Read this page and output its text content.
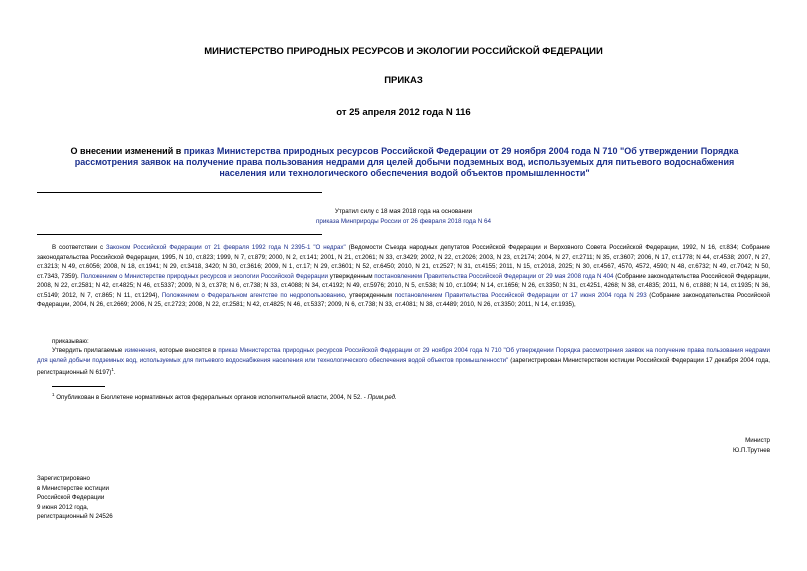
МИНИСТЕРСТВО ПРИРОДНЫХ РЕСУРСОВ И ЭКОЛОГИИ РОССИЙСКОЙ ФЕДЕРАЦИИ
ПРИКАЗ
от 25 апреля 2012 года N 116
О внесении изменений в приказ Министерства природных ресурсов Российской Федерации от 29 ноября 2004 года N 710 "Об утверждении Порядка рассмотрения заявок на получение права пользования недрами для целей добычи подземных вод, используемых для питьевого водоснабжения населения или технологического обеспечения водой объектов промышленности"
Утратил силу с 18 мая 2018 года на основании
приказа Минприроды России от 26 февраля 2018 года N 64

В соответствии с Законом Российской Федерации от 21 февраля 1992 года N 2395-1 "О недрах" (Ведомости Съезда народных депутатов Российской Федерации и Верховного Совета Российской Федерации, 1992, N 16, ст.834; Собрание законодательства Российской Федерации, 1995, N 10, ст.823; 1999, N 7, ст.879; 2000, N 2, ст.141; 2001, N 21, ст.2061; N 33, ст.3429; 2002, N 22, ст.2026; 2003, N 23, ст.2174; 2004, N 27, ст.2711; N 35, ст.3607; 2006, N 17, ст.1778; N 44, ст.4538; 2007, N 27, ст.3213; N 49, ст.6056; 2008, N 18, ст.1941; N 29, ст.3418, 3420; N 30, ст.3616; 2009, N 1, ст.17; N 29, ст.3601; N 52, ст.6450; 2010, N 21, ст.2527; N 31, ст.4155; 2011, N 15, ст.2018, 2025; N 30, ст.4567, 4570, 4572, 4590; N 48, ст.6732; N 49, ст.7042; N 50, ст.7343, 7359). Положением о Министерстве природных ресурсов и экологии Российской Федерации утвержденным постановлением Правительства Российской Федерации от 29 мая 2008 года N 404 (Собрание законодательства Российской Федерации, 2008, N 22, ст.2581; N 42, ст.4825; N 46, ст.5337; 2009, N 3, ст.378; N 6, ст.738; N 33, ст.4088; N 34, ст.4192; N 49, ст.5976; 2010, N 5, ст.538; N 10, ст.1094; N 14, ст.1656; N 26, ст.3350; N 31, ст.4251, 4268; N 38, ст.4835; 2011, N 6, ст.888; N 14, ст.1935; N 36, ст.5149; 2012, N 7, ст.865; N 11, ст.1294), Положением о Федеральном агентстве по недропользованию, утвержденным постановлением Правительства Российской Федерации от 17 июня 2004 года N 293 (Собрание законодательства Российской Федерации, 2004, N 26, ст.2669; 2006, N 25, ст.2723; 2008, N 22, ст.2581; N 42, ст.4825; N 46, ст.5337; 2009, N 6, ст.738; N 33, ст.4081; N 38, ст.4489; 2010, N 26, ст.3350; 2011, N 14, ст.1935),

приказываю:

Утвердить прилагаемые изменения, которые вносятся в приказ Министерства природных ресурсов Российской Федерации от 29 ноября 2004 года N 710 "Об утверждении Порядка рассмотрения заявок на получение права пользования недрами для целей добычи подземных вод, используемых для питьевого водоснабжения населения или технологического обеспечения водой объектов промышленности" (зарегистрирован Министерством юстиции Российской Федерации 17 декабря 2004 года, регистрационный N 6197)$^1$.

$^1$ Опубликован в Бюллетене нормативных актов федеральных органов исполнительной власти, 2004, N 52. - Прим.ред.
Министр
Ю.П.Трутнев
Зарегистрировано
в Министерстве юстиции
Российской Федерации
9 июня 2012 года,
регистрационный N 24526
